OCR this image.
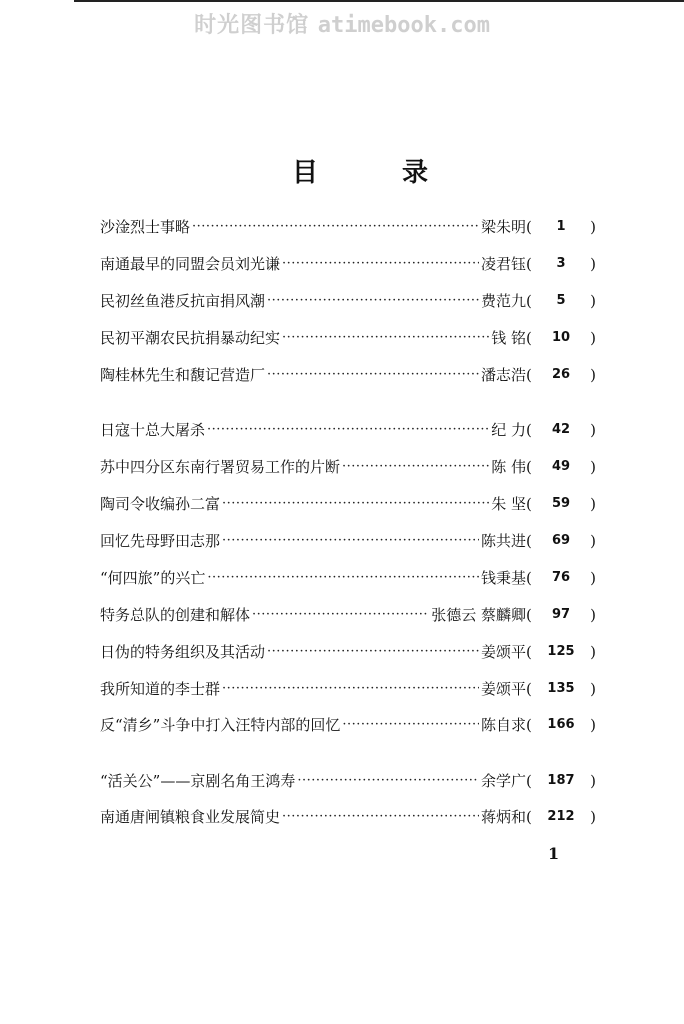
时光图书馆 atimebook.com
目	录
沙淦烈士事略 ·····	梁朱明 ( 1 )
南通最早的同盟会员刘光谦 ·····	凌君钰 ( 3 )
民初丝鱼港反抗亩捐风潮 ·····	费范九 ( 5 )
民初平潮农民抗捐暴动纪实 ·····	钱 铭 ( 10 )
陶桂林先生和馥记营造厂 ·····	潘志浩 ( 26 )
日寇十总大屠杀 ·····	纪 力 ( 42 )
苏中四分区东南行署贸易工作的片断 ·····	陈 伟 ( 49 )
陶司令收编孙二富 ·····	朱 坚 ( 59 )
回忆先母野田志那 ·····	陈共进 ( 69 )
“何四旅”的兴亡 ·····	钱秉基 ( 76 )
特务总队的创建和解体 ·····	张德云 蔡麟卿 ( 97 )
日伪的特务组织及其活动 ·····	姜颂平 ( 125 )
我所知道的李士群 ·····	姜颂平 ( 135 )
反“清乡”斗争中打入汪特内部的回忆 ·····	陈自求 ( 166 )
“活关公”——京剧名角王鸿寿 ·····	余学广 ( 187 )
南通唐闸镇粮食业发展简史 ·····	蒋炳和 ( 212 )
1
